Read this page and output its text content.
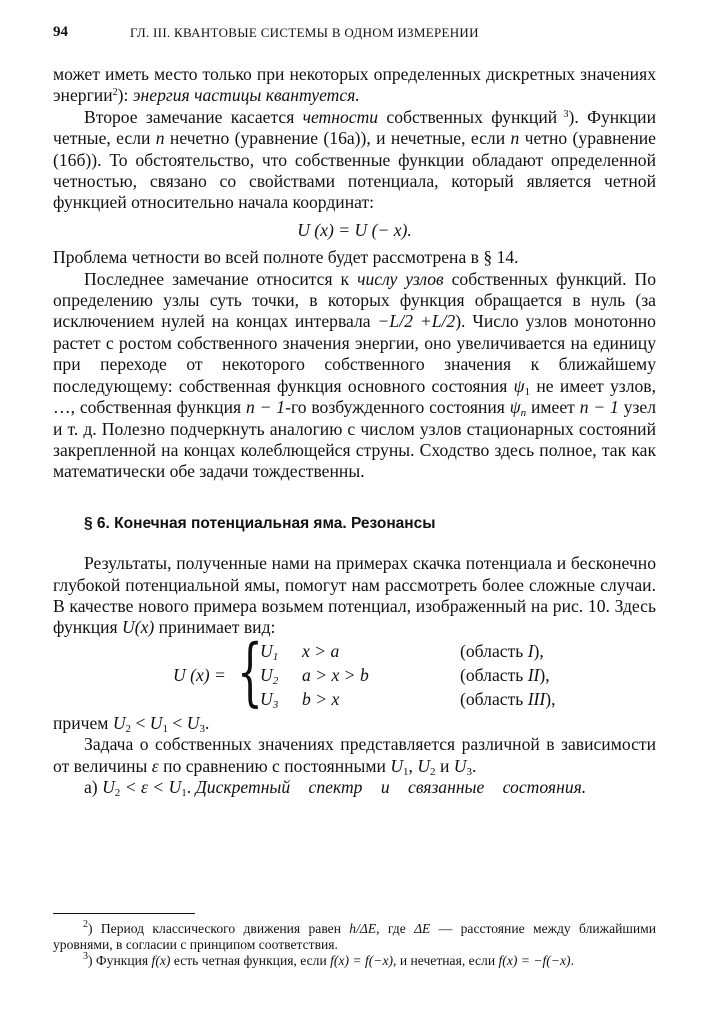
94	ГЛ. III. КВАНТОВЫЕ СИСТЕМЫ В ОДНОМ ИЗМЕРЕНИИ

может иметь место только при некоторых определенных дискретных значениях энергии$^2$): энергия частицы квантуется.

Второе замечание касается четности собственных функций $^3$). Функции четные, если n нечетно (уравнение (16а)), и нечетные, если n четно (уравнение (16б)). То обстоятельство, что собственные функции обладают определенной четностью, связано со свойствами потенциала, который является четной функцией относительно начала координат:

U (x) = U (− x).

Проблема четности во всей полноте будет рассмотрена в § 14.

Последнее замечание относится к числу узлов собственных функций. По определению узлы суть точки, в которых функция обращается в нуль (за исключением нулей на концах интервала −L/2 +L/2). Число узлов монотонно растет с ростом собственного значения энергии, оно увеличивается на единицу при переходе от некоторого собственного значения к ближайшему последующему: собственная функция основного состояния $\psi_1$ не имеет узлов, …, собственная функция n − 1-го возбужденного состояния $\psi_n$ имеет n − 1 узел и т. д. Полезно подчеркнуть аналогию с числом узлов стационарных состояний закрепленной на концах колеблющейся струны. Сходство здесь полное, так как математически обе задачи тождественны.

§ 6. Конечная потенциальная яма. Резонансы

Результаты, полученные нами на примерах скачка потенциала и бесконечно глубокой потенциальной ямы, помогут нам рассмотреть более сложные случаи. В качестве нового примера возьмем потенциал, изображенный на рис. 10. Здесь функция U(x) принимает вид:

U (x) = {
$U_1$ x > a	(область I),
$U_2$ a > x > b	(область II),
$U_3$ b > x	(область III),

причем $U_2 < U_1 < U_3$.

Задача о собственных значениях представляется различной в зависимости от величины ε по сравнению с постоянными $U_1$, $U_2$ и $U_3$.

а) $U_2 < \varepsilon < U_1$. Дискретный спектр и связанные состояния.

$^2$) Период классического движения равен h/ΔE, где ΔE — расстояние между ближайшими уровнями, в согласии с принципом соответствия.

$^3$) Функция f(x) есть четная функция, если f(x) = f(−x), и нечетная, если f(x) = −f(−x).
